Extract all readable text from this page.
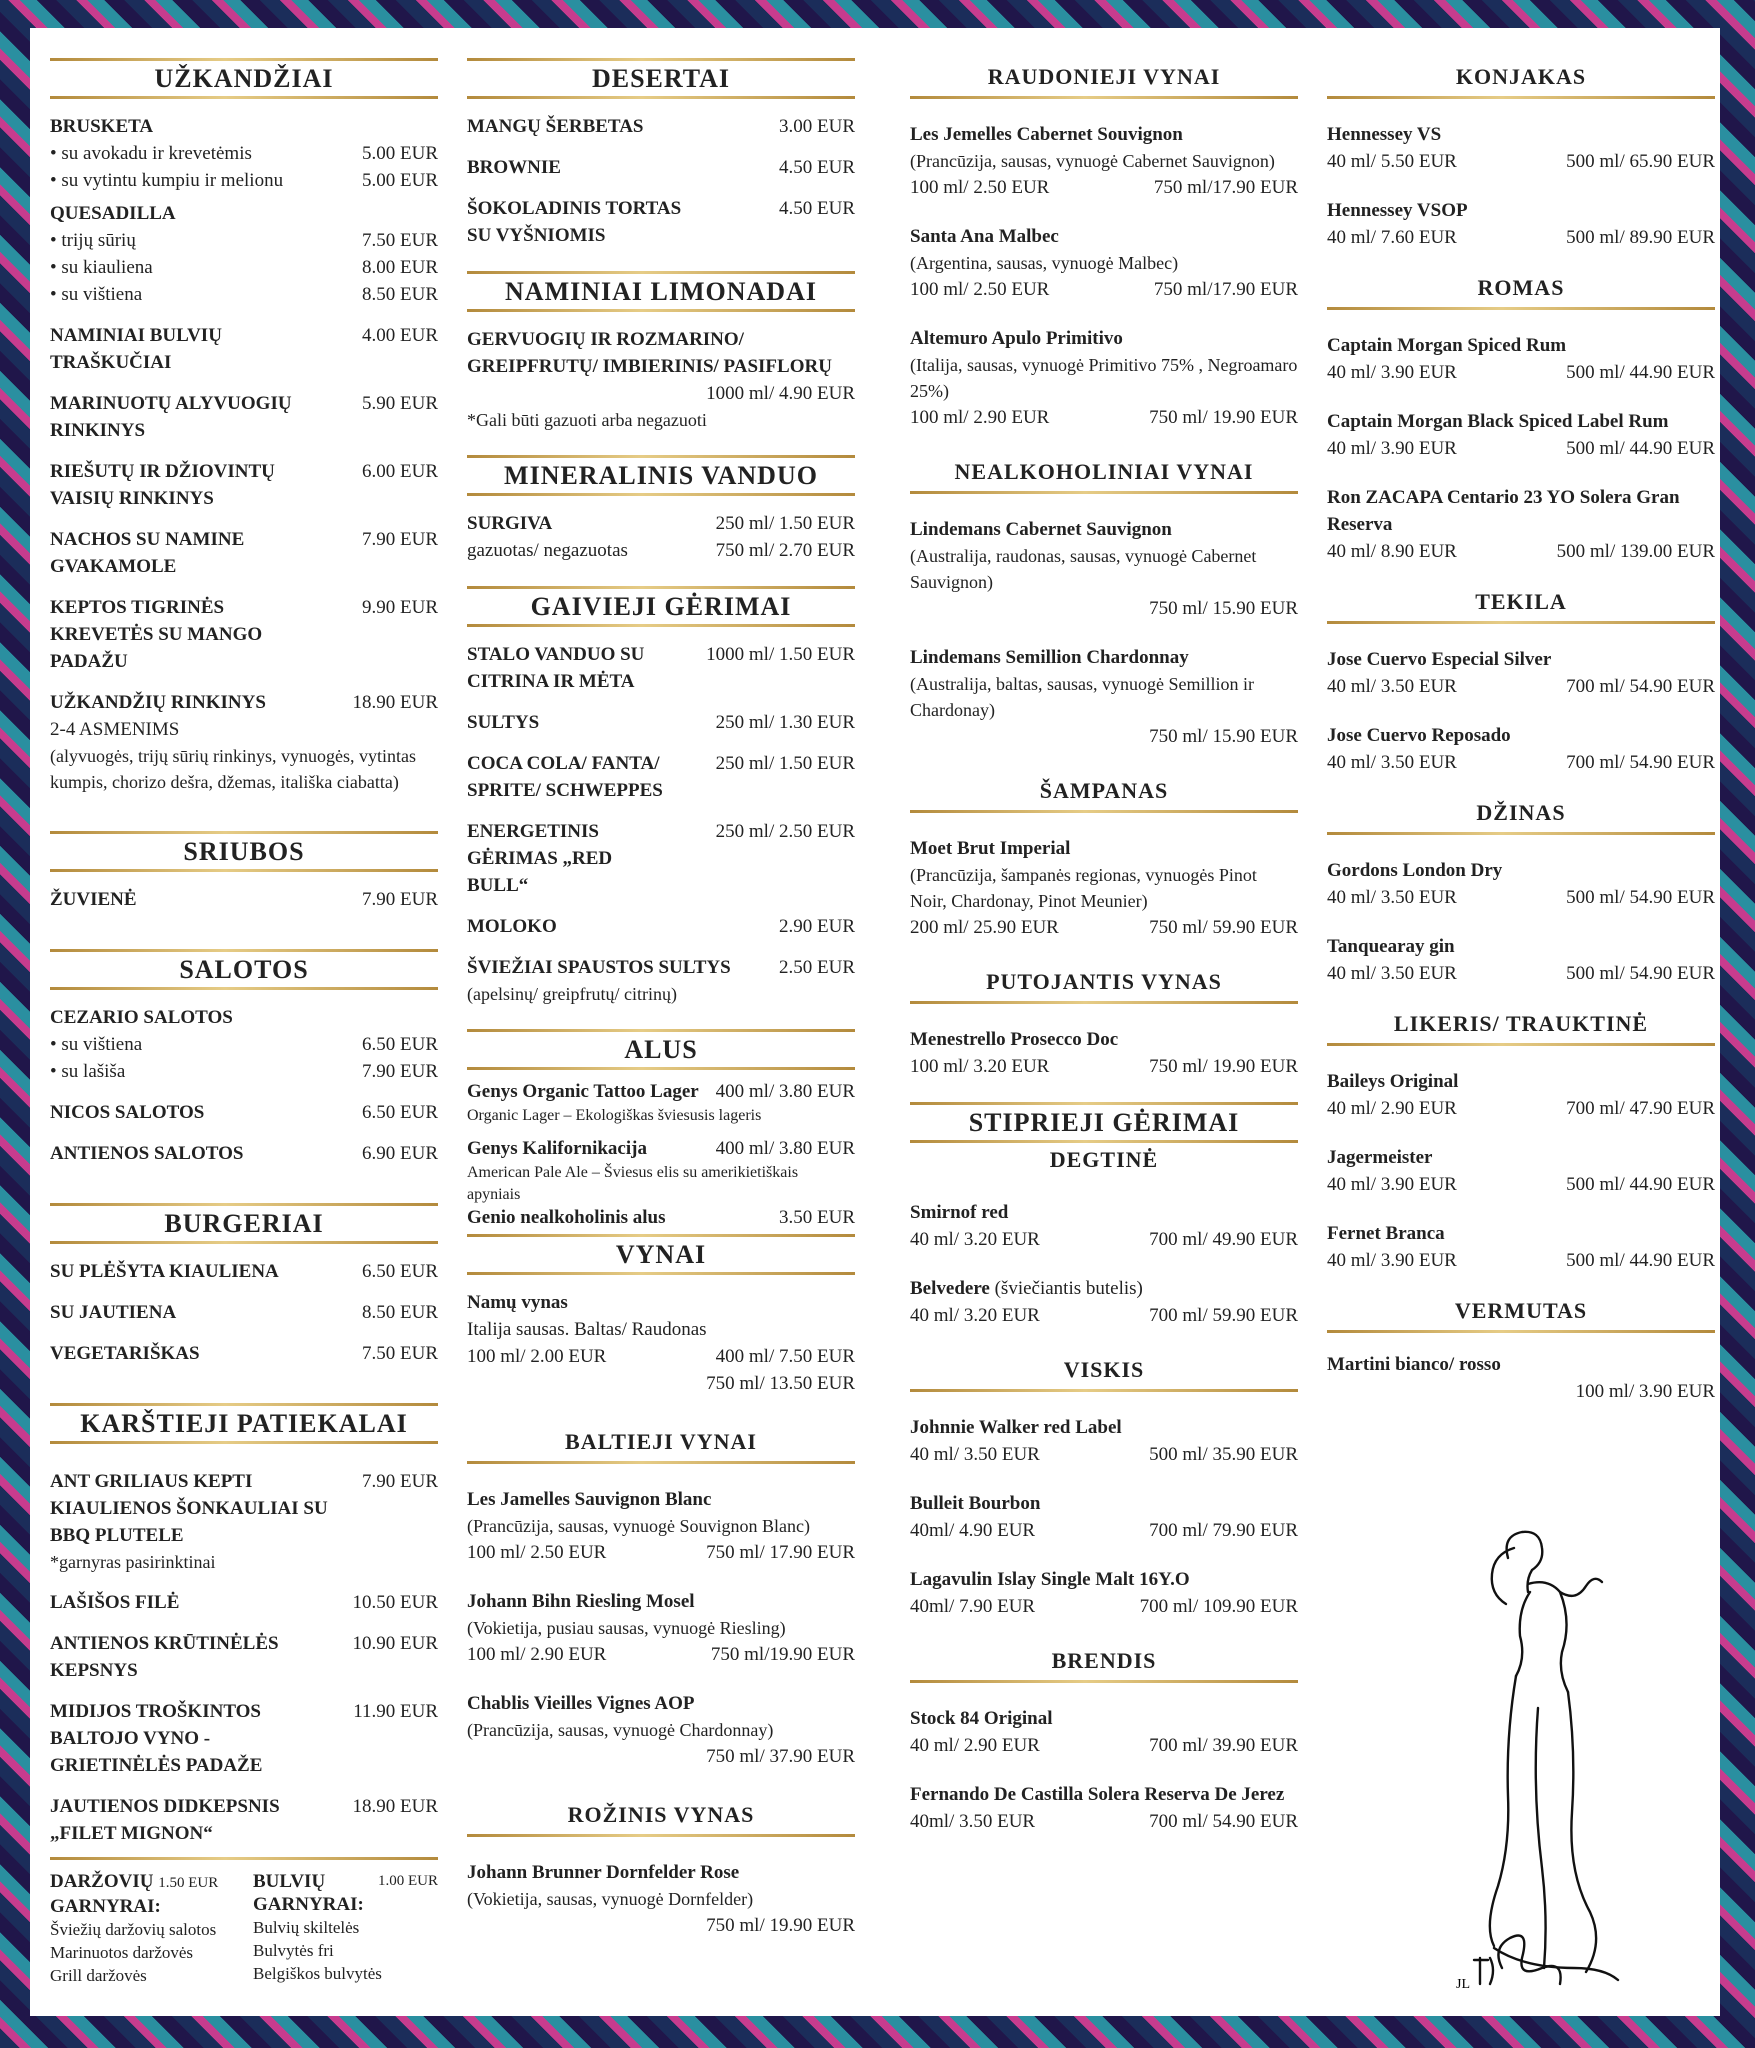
UŽKANDŽIAI
BRUSKETA
• su avokadu ir krevetėmis	5.00 EUR
• su vytintu kumpiu ir melionu	5.00 EUR
QUESADILLA
• trijų sūrių	7.50 EUR
• su kiauliena	8.00 EUR
• su vištiena	8.50 EUR
NAMINIAI BULVIŲ TRAŠKUČIAI
4.00 EUR
MARINUOTŲ ALYVUOGIŲ RINKINYS
5.90 EUR
RIEŠUTŲ IR DŽIOVINTŲ VAISIŲ RINKINYS
6.00 EUR
NACHOS SU NAMINE GVAKAMOLE
7.90 EUR
KEPTOS TIGRINĖS KREVETĖS SU MANGO PADAŽU
9.90 EUR
UŽKANDŽIŲ RINKINYS	18.90 EUR
2-4 ASMENIMS
(alyvuogės, trijų sūrių rinkinys, vynuogės, vytintas kumpis, chorizo dešra, džemas, itališka ciabatta)
SRIUBOS
ŽUVIENĖ	7.90 EUR
SALOTOS
CEZARIO SALOTOS
• su vištiena	6.50 EUR
• su lašiša	7.90 EUR
NICOS SALOTOS	6.50 EUR
ANTIENOS SALOTOS	6.90 EUR
BURGERIAI
SU PLĖŠYTA KIAULIENA	6.50 EUR
SU JAUTIENA	8.50 EUR
VEGETARIŠKAS	7.50 EUR
KARŠTIEJI PATIEKALAI
ANT GRILIAUS KEPTI KIAULIENOS ŠONKAULIAI SU BBQ PLUTELE
7.90 EUR
*garnyras pasirinktinai
LAŠIŠOS FILĖ	10.50 EUR
ANTIENOS KRŪTINĖLĖS KEPSNYS
10.90 EUR
MIDIJOS TROŠKINTOS BALTOJO VYNO - GRIETINĖLĖS PADAŽE
11.90 EUR
JAUTIENOS DIDKEPSNIS „FILET MIGNON“
18.90 EUR
DARŽOVIŲ 1.50 EUR
GARNYRAI:
Šviežių daržovių salotos
Marinuotos daržovės
Grill daržovės
BULVIŲ	1.00 EUR
GARNYRAI:
Bulvių skiltelės
Bulvytės fri
Belgiškos bulvytės
DESERTAI
MANGŲ ŠERBETAS	3.00 EUR
BROWNIE	4.50 EUR
ŠOKOLADINIS TORTAS SU VYŠNIOMIS
4.50 EUR
NAMINIAI LIMONADAI
GERVUOGIŲ IR ROZMARINO/ GREIPFRUTŲ/ IMBIERINIS/ PASIFLORŲ
1000 ml/ 4.90 EUR
*Gali būti gazuoti arba negazuoti
MINERALINIS VANDUO
SURGIVA	250 ml/ 1.50 EUR
gazuotas/ negazuotas	750 ml/ 2.70 EUR
GAIVIEJI GĖRIMAI
STALO VANDUO SU CITRINA IR MĖTA
1000 ml/ 1.50 EUR
SULTYS	250 ml/ 1.30 EUR
COCA COLA/ FANTA/ SPRITE/ SCHWEPPES
250 ml/ 1.50 EUR
ENERGETINIS GĖRIMAS „RED BULL“
250 ml/ 2.50 EUR
MOLOKO	2.90 EUR
ŠVIEŽIAI SPAUSTOS SULTYS	2.50 EUR
(apelsinų/ greipfrutų/ citrinų)
ALUS
Genys Organic Tattoo Lager 400 ml/ 3.80 EUR
Organic Lager – Ekologiškas šviesusis lageris
Genys Kalifornikacija	400 ml/ 3.80 EUR
American Pale Ale – Šviesus elis su amerikietiškais apyniais
Genio nealkoholinis alus	3.50 EUR
VYNAI
Namų vynas
Italija sausas. Baltas/ Raudonas
100 ml/ 2.00 EUR	400 ml/ 7.50 EUR
750 ml/ 13.50 EUR
BALTIEJI VYNAI
Les Jamelles Sauvignon Blanc
(Prancūzija, sausas, vynuogė Souvignon Blanc)
100 ml/ 2.50 EUR	750 ml/ 17.90 EUR
Johann Bihn Riesling Mosel
(Vokietija, pusiau sausas, vynuogė Riesling)
100 ml/ 2.90 EUR	750 ml/19.90 EUR
Chablis Vieilles Vignes AOP
(Prancūzija, sausas, vynuogė Chardonnay)
750 ml/ 37.90 EUR
ROŽINIS VYNAS
Johann Brunner Dornfelder Rose
(Vokietija, sausas, vynuogė Dornfelder)
750 ml/ 19.90 EUR
RAUDONIEJI VYNAI
Les Jemelles Cabernet Souvignon
(Prancūzija, sausas, vynuogė Cabernet Sauvignon)
100 ml/ 2.50 EUR	750 ml/17.90 EUR
Santa Ana Malbec
(Argentina, sausas, vynuogė Malbec)
100 ml/ 2.50 EUR	750 ml/17.90 EUR
Altemuro Apulo Primitivo
(Italija, sausas, vynuogė Primitivo 75% , Negroamaro 25%)
100 ml/ 2.90 EUR	750 ml/ 19.90 EUR
NEALKOHOLINIAI VYNAI
Lindemans Cabernet Sauvignon
(Australija, raudonas, sausas, vynuogė Cabernet Sauvignon)
750 ml/ 15.90 EUR
Lindemans Semillion Chardonnay
(Australija, baltas, sausas, vynuogė Semillion ir Chardonay)
750 ml/ 15.90 EUR
ŠAMPANAS
Moet Brut Imperial
(Prancūzija, šampanės regionas, vynuogės Pinot Noir, Chardonay, Pinot Meunier)
200 ml/ 25.90 EUR	750 ml/ 59.90 EUR
PUTOJANTIS VYNAS
Menestrello Prosecco Doc
100 ml/ 3.20 EUR	750 ml/ 19.90 EUR
STIPRIEJI GĖRIMAI
DEGTINĖ
Smirnof red
40 ml/ 3.20 EUR	700 ml/ 49.90 EUR
Belvedere (šviečiantis butelis)
40 ml/ 3.20 EUR	700 ml/ 59.90 EUR
VISKIS
Johnnie Walker red Label
40 ml/ 3.50 EUR	500 ml/ 35.90 EUR
Bulleit Bourbon
40ml/ 4.90 EUR	700 ml/ 79.90 EUR
Lagavulin Islay Single Malt 16Y.O
40ml/ 7.90 EUR	700 ml/ 109.90 EUR
BRENDIS
Stock 84 Original
40 ml/ 2.90 EUR	700 ml/ 39.90 EUR
Fernando De Castilla Solera Reserva De Jerez
40ml/ 3.50 EUR	700 ml/ 54.90 EUR
KONJAKAS
Hennessey VS
40 ml/ 5.50 EUR	500 ml/ 65.90 EUR
Hennessey VSOP
40 ml/ 7.60 EUR	500 ml/ 89.90 EUR
ROMAS
Captain Morgan Spiced Rum
40 ml/ 3.90 EUR	500 ml/ 44.90 EUR
Captain Morgan Black Spiced Label Rum
40 ml/ 3.90 EUR	500 ml/ 44.90 EUR
Ron ZACAPA Centario 23 YO Solera Gran Reserva
40 ml/ 8.90 EUR	500 ml/ 139.00 EUR
TEKILA
Jose Cuervo Especial Silver
40 ml/ 3.50 EUR	700 ml/ 54.90 EUR
Jose Cuervo Reposado
40 ml/ 3.50 EUR	700 ml/ 54.90 EUR
DŽINAS
Gordons London Dry
40 ml/ 3.50 EUR	500 ml/ 54.90 EUR
Tanquearay gin
40 ml/ 3.50 EUR	500 ml/ 54.90 EUR
LIKERIS/ TRAUKTINĖ
Baileys Original
40 ml/ 2.90 EUR	700 ml/ 47.90 EUR
Jagermeister
40 ml/ 3.90 EUR	500 ml/ 44.90 EUR
Fernet Branca
40 ml/ 3.90 EUR	500 ml/ 44.90 EUR
VERMUTAS
Martini bianco/ rosso
100 ml/ 3.90 EUR
JL
